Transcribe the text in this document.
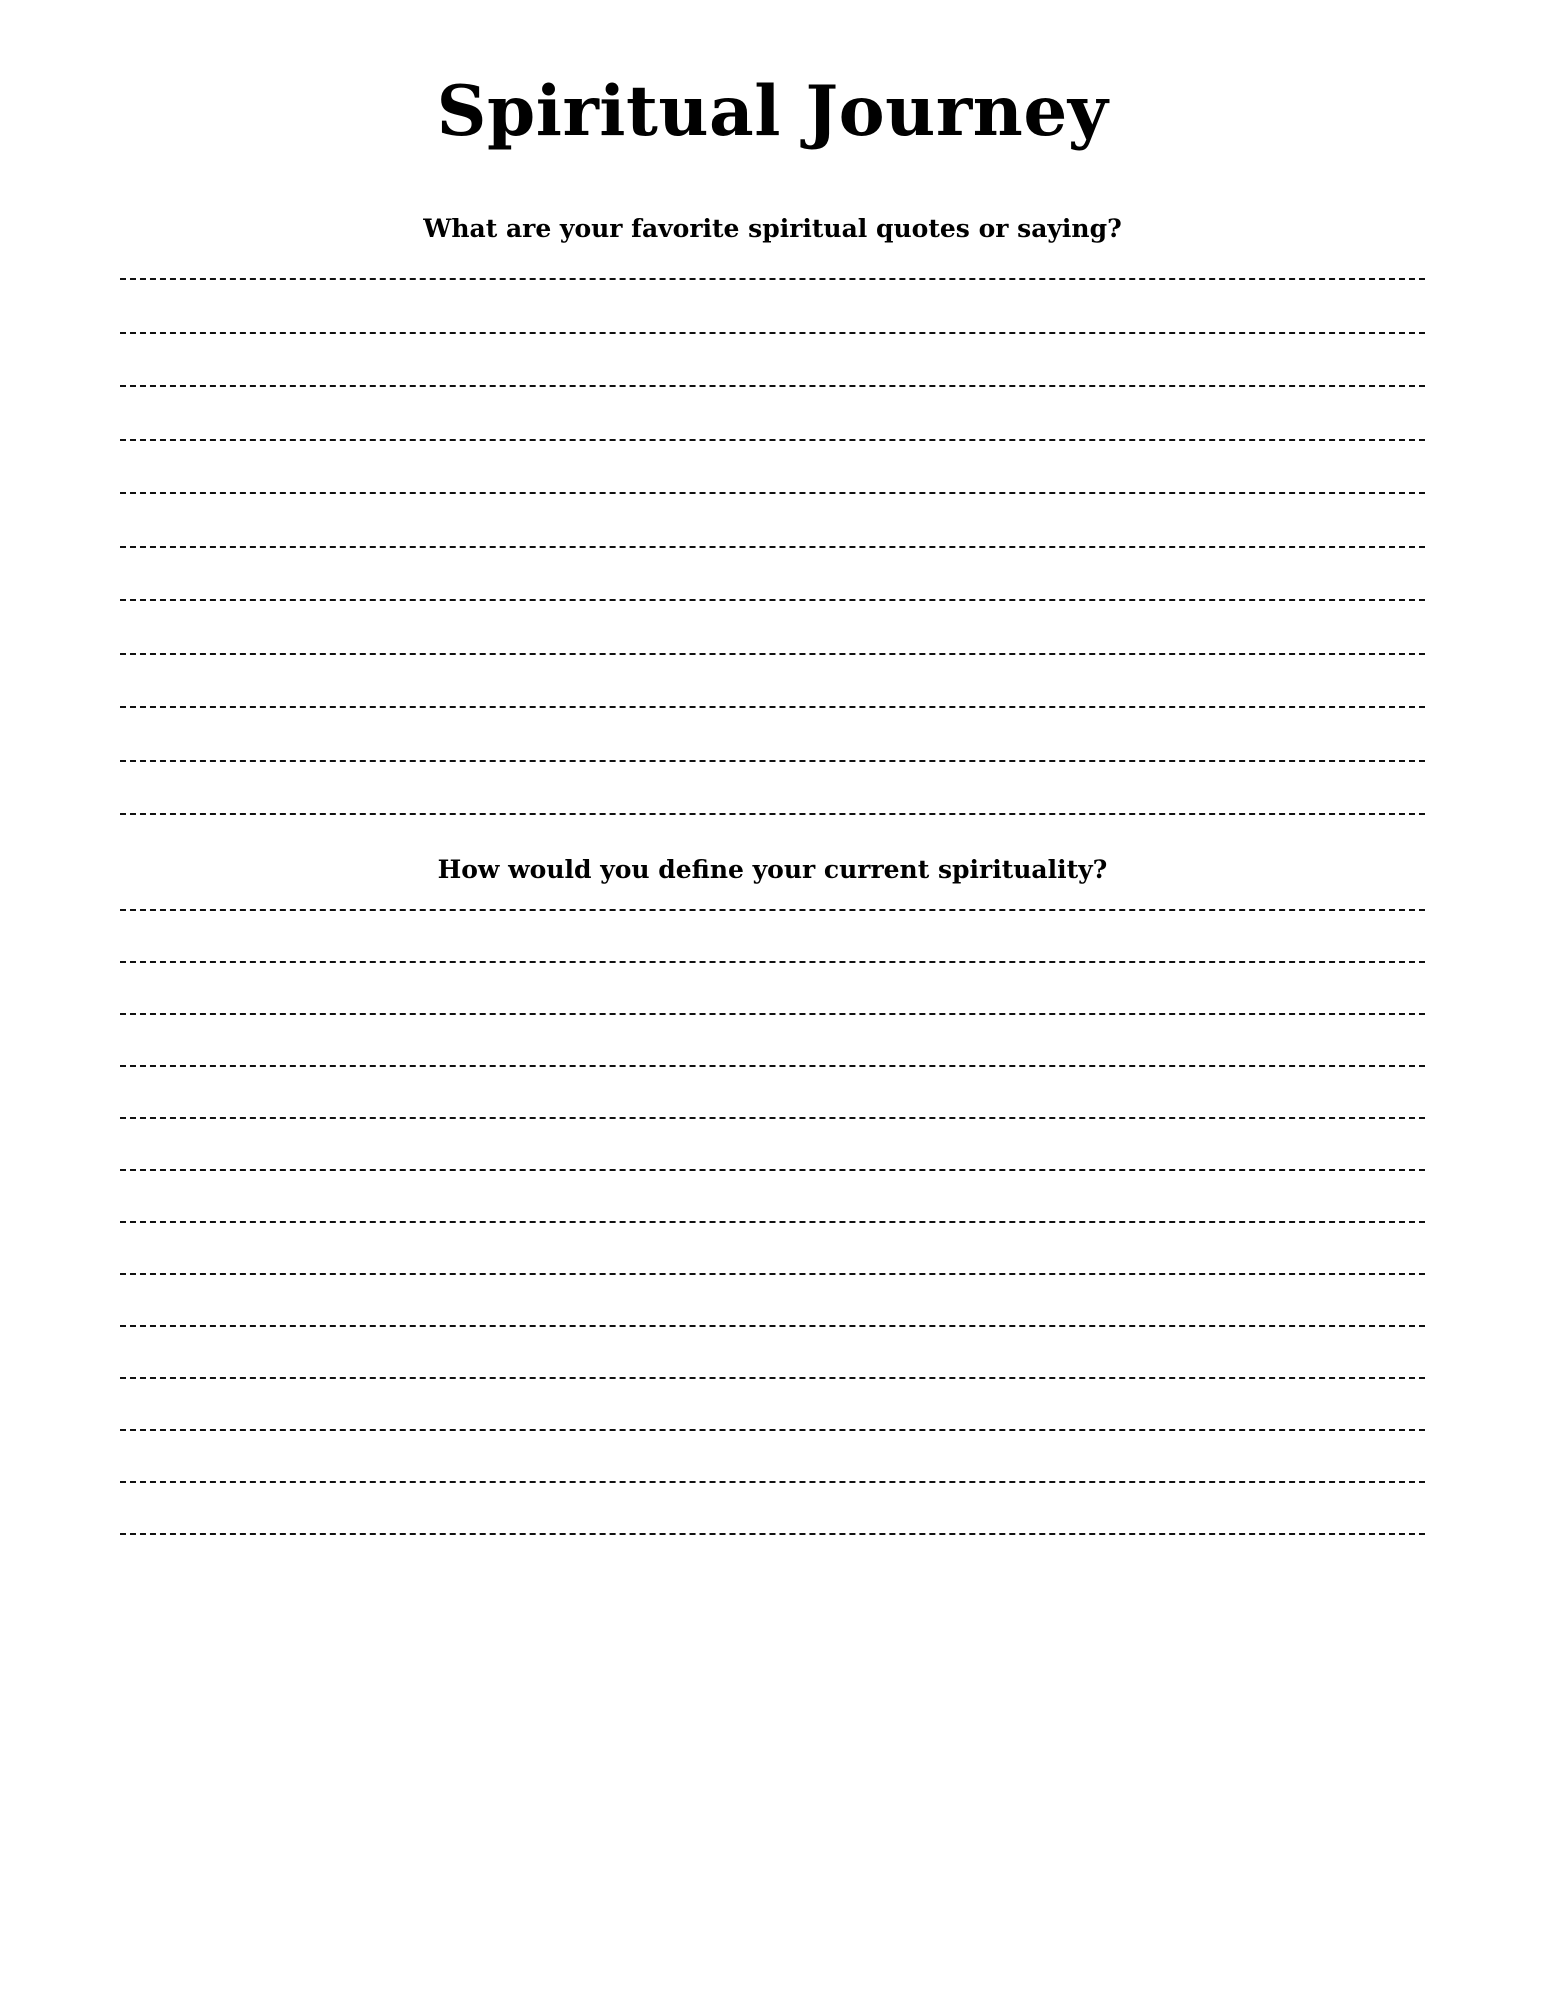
Spiritual Journey
What are your favorite spiritual quotes or saying?
How would you define your current spirituality?
